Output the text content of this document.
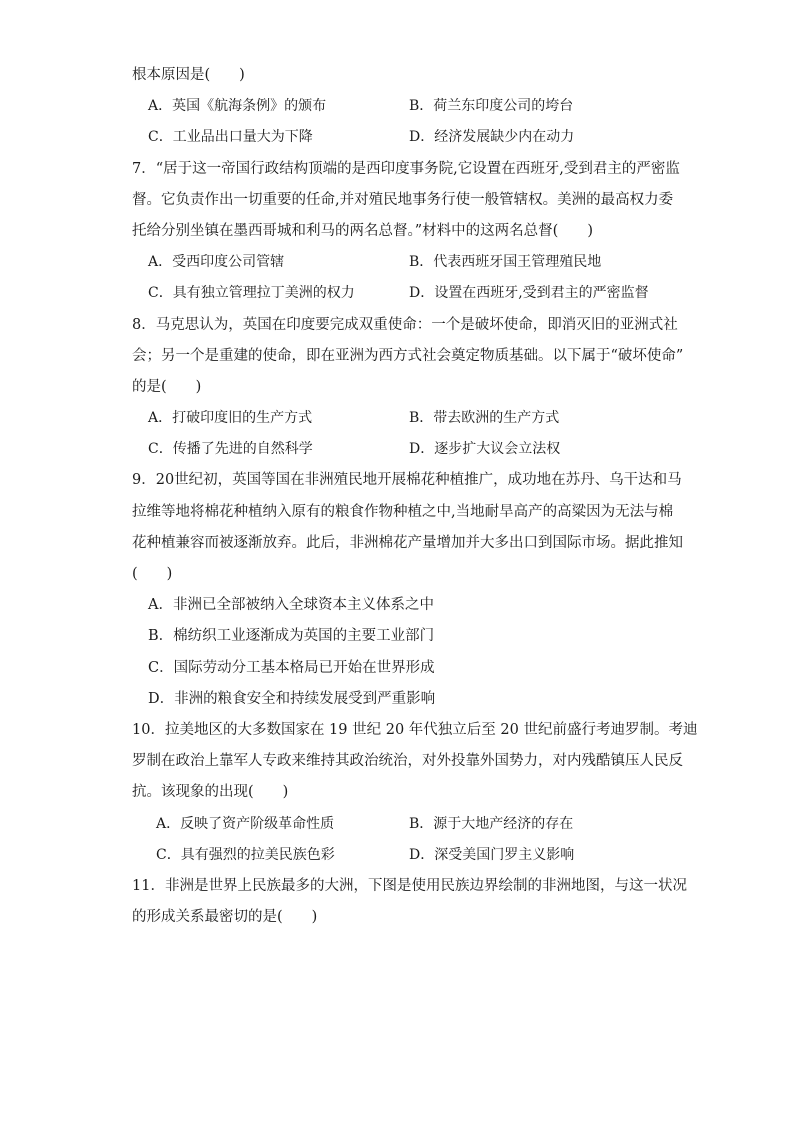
根本原因是(　　)
A．英国《航海条例》的颁布	B．荷兰东印度公司的垮台
C．工业品出口量大为下降	D．经济发展缺少内在动力
7．“居于这一帝国行政结构顶端的是西印度事务院,它设置在西班牙,受到君主的严密监
督。它负责作出一切重要的任命,并对殖民地事务行使一般管辖权。美洲的最高权力委
托给分别坐镇在墨西哥城和利马的两名总督。”材料中的这两名总督(　　)
A．受西印度公司管辖	B．代表西班牙国王管理殖民地
C．具有独立管理拉丁美洲的权力	D．设置在西班牙,受到君主的严密监督
8．马克思认为，英国在印度要完成双重使命：一个是破坏使命，即消灭旧的亚洲式社
会；另一个是重建的使命，即在亚洲为西方式社会奠定物质基础。以下属于“破坏使命”
的是(　　)
A．打破印度旧的生产方式	B．带去欧洲的生产方式
C．传播了先进的自然科学	D．逐步扩大议会立法权
9．20世纪初，英国等国在非洲殖民地开展棉花种植推广，成功地在苏丹、乌干达和马
拉维等地将棉花种植纳入原有的粮食作物种植之中,当地耐旱高产的高粱因为无法与棉
花种植兼容而被逐渐放弃。此后，非洲棉花产量增加并大多出口到国际市场。据此推知
(　　)
A．非洲已全部被纳入全球资本主义体系之中
B．棉纺织工业逐渐成为英国的主要工业部门
C．国际劳动分工基本格局已开始在世界形成
D．非洲的粮食安全和持续发展受到严重影响
10．拉美地区的大多数国家在 19 世纪 20 年代独立后至 20 世纪前盛行考迪罗制。考迪
罗制在政治上靠军人专政来维持其政治统治，对外投靠外国势力，对内残酷镇压人民反
抗。该现象的出现(　　)
A．反映了资产阶级革命性质	B．源于大地产经济的存在
C．具有强烈的拉美民族色彩	D．深受美国门罗主义影响
11．非洲是世界上民族最多的大洲，下图是使用民族边界绘制的非洲地图，与这一状况
的形成关系最密切的是(　　)
